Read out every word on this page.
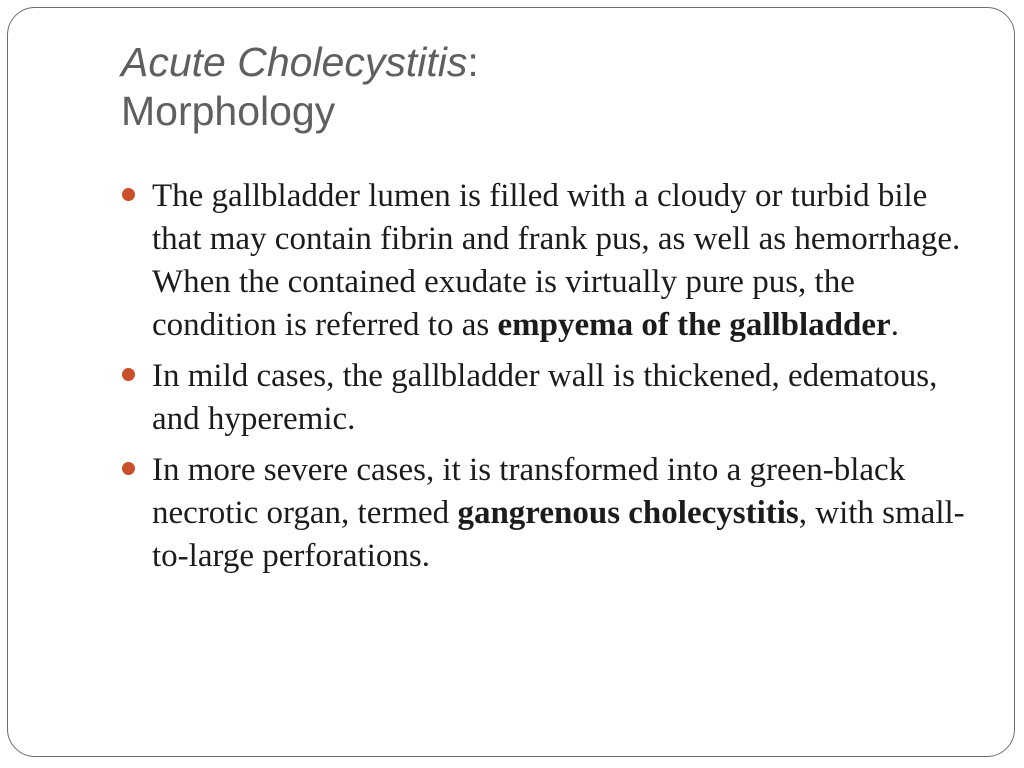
Acute Cholecystitis:
Morphology
The gallbladder lumen is filled with a cloudy or turbid bile that may contain fibrin and frank pus, as well as hemorrhage. When the contained exudate is virtually pure pus, the condition is referred to as empyema of the gallbladder.
In mild cases, the gallbladder wall is thickened, edematous, and hyperemic.
In more severe cases, it is transformed into a green-black necrotic organ, termed gangrenous cholecystitis, with small-to-large perforations.
